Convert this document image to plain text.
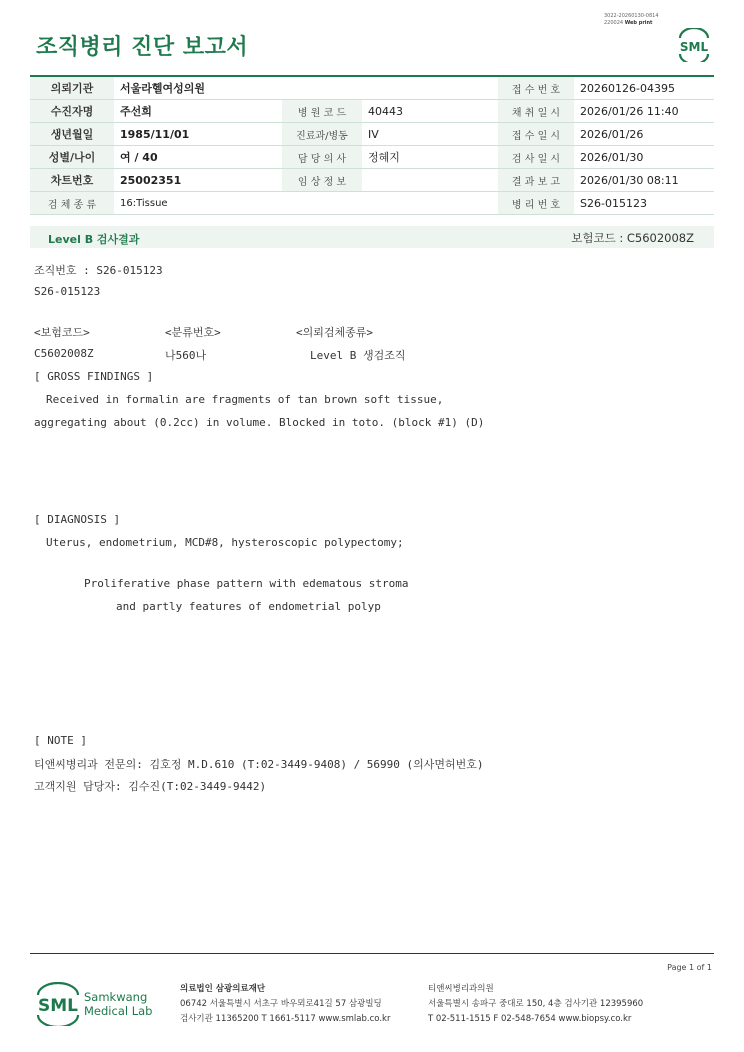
조직병리 진단 보고서
3022-20260130-0814
220024 Web print
SML
의뢰기관	서울라헬여성의원			접 수 번 호	20260126-04395
수진자명	주선희	병 원 코 드	40443	채 취 일 시	2026/01/26 11:40
생년월일	1985/11/01	진료과/병동	IV	접 수 일 시	2026/01/26
성별/나이	여 / 40	담 당 의 사	정혜지	검 사 일 시	2026/01/30
차트번호	25002351	임 상 정 보		결 과 보 고	2026/01/30 08:11
검 체 종 류	16:Tissue			병 리 번 호	S26-015123
Level B 검사결과	보험코드 : C5602008Z
조직번호 : S26-015123
S26-015123
<보험코드>	<분류번호>	<의뢰검체종류>
C5602008Z	나560나	Level B 생검조직
[ GROSS FINDINGS ]
Received in formalin are fragments of tan brown soft tissue,
aggregating about (0.2cc) in volume. Blocked in toto. (block #1) (D)
[ DIAGNOSIS ]
Uterus, endometrium, MCD#8, hysteroscopic polypectomy;
Proliferative phase pattern with edematous stroma
and partly features of endometrial polyp
[ NOTE ]
티앤씨병리과 전문의: 김호정 M.D.610 (T:02-3449-9408) / 56990 (의사면허번호)
고객지원 담당자: 김수진(T:02-3449-9442)
Page 1 of 1
SML Samkwang
Medical Lab
의료법인 삼광의료재단
06742 서울특별시 서초구 바우뫼로41길 57 삼광빌딩
검사기관 11365200 T 1661-5117 www.smlab.co.kr
티앤씨병리과의원
서울특별시 송파구 중대로 150, 4층 검사기관 12395960
T 02-511-1515 F 02-548-7654 www.biopsy.co.kr
